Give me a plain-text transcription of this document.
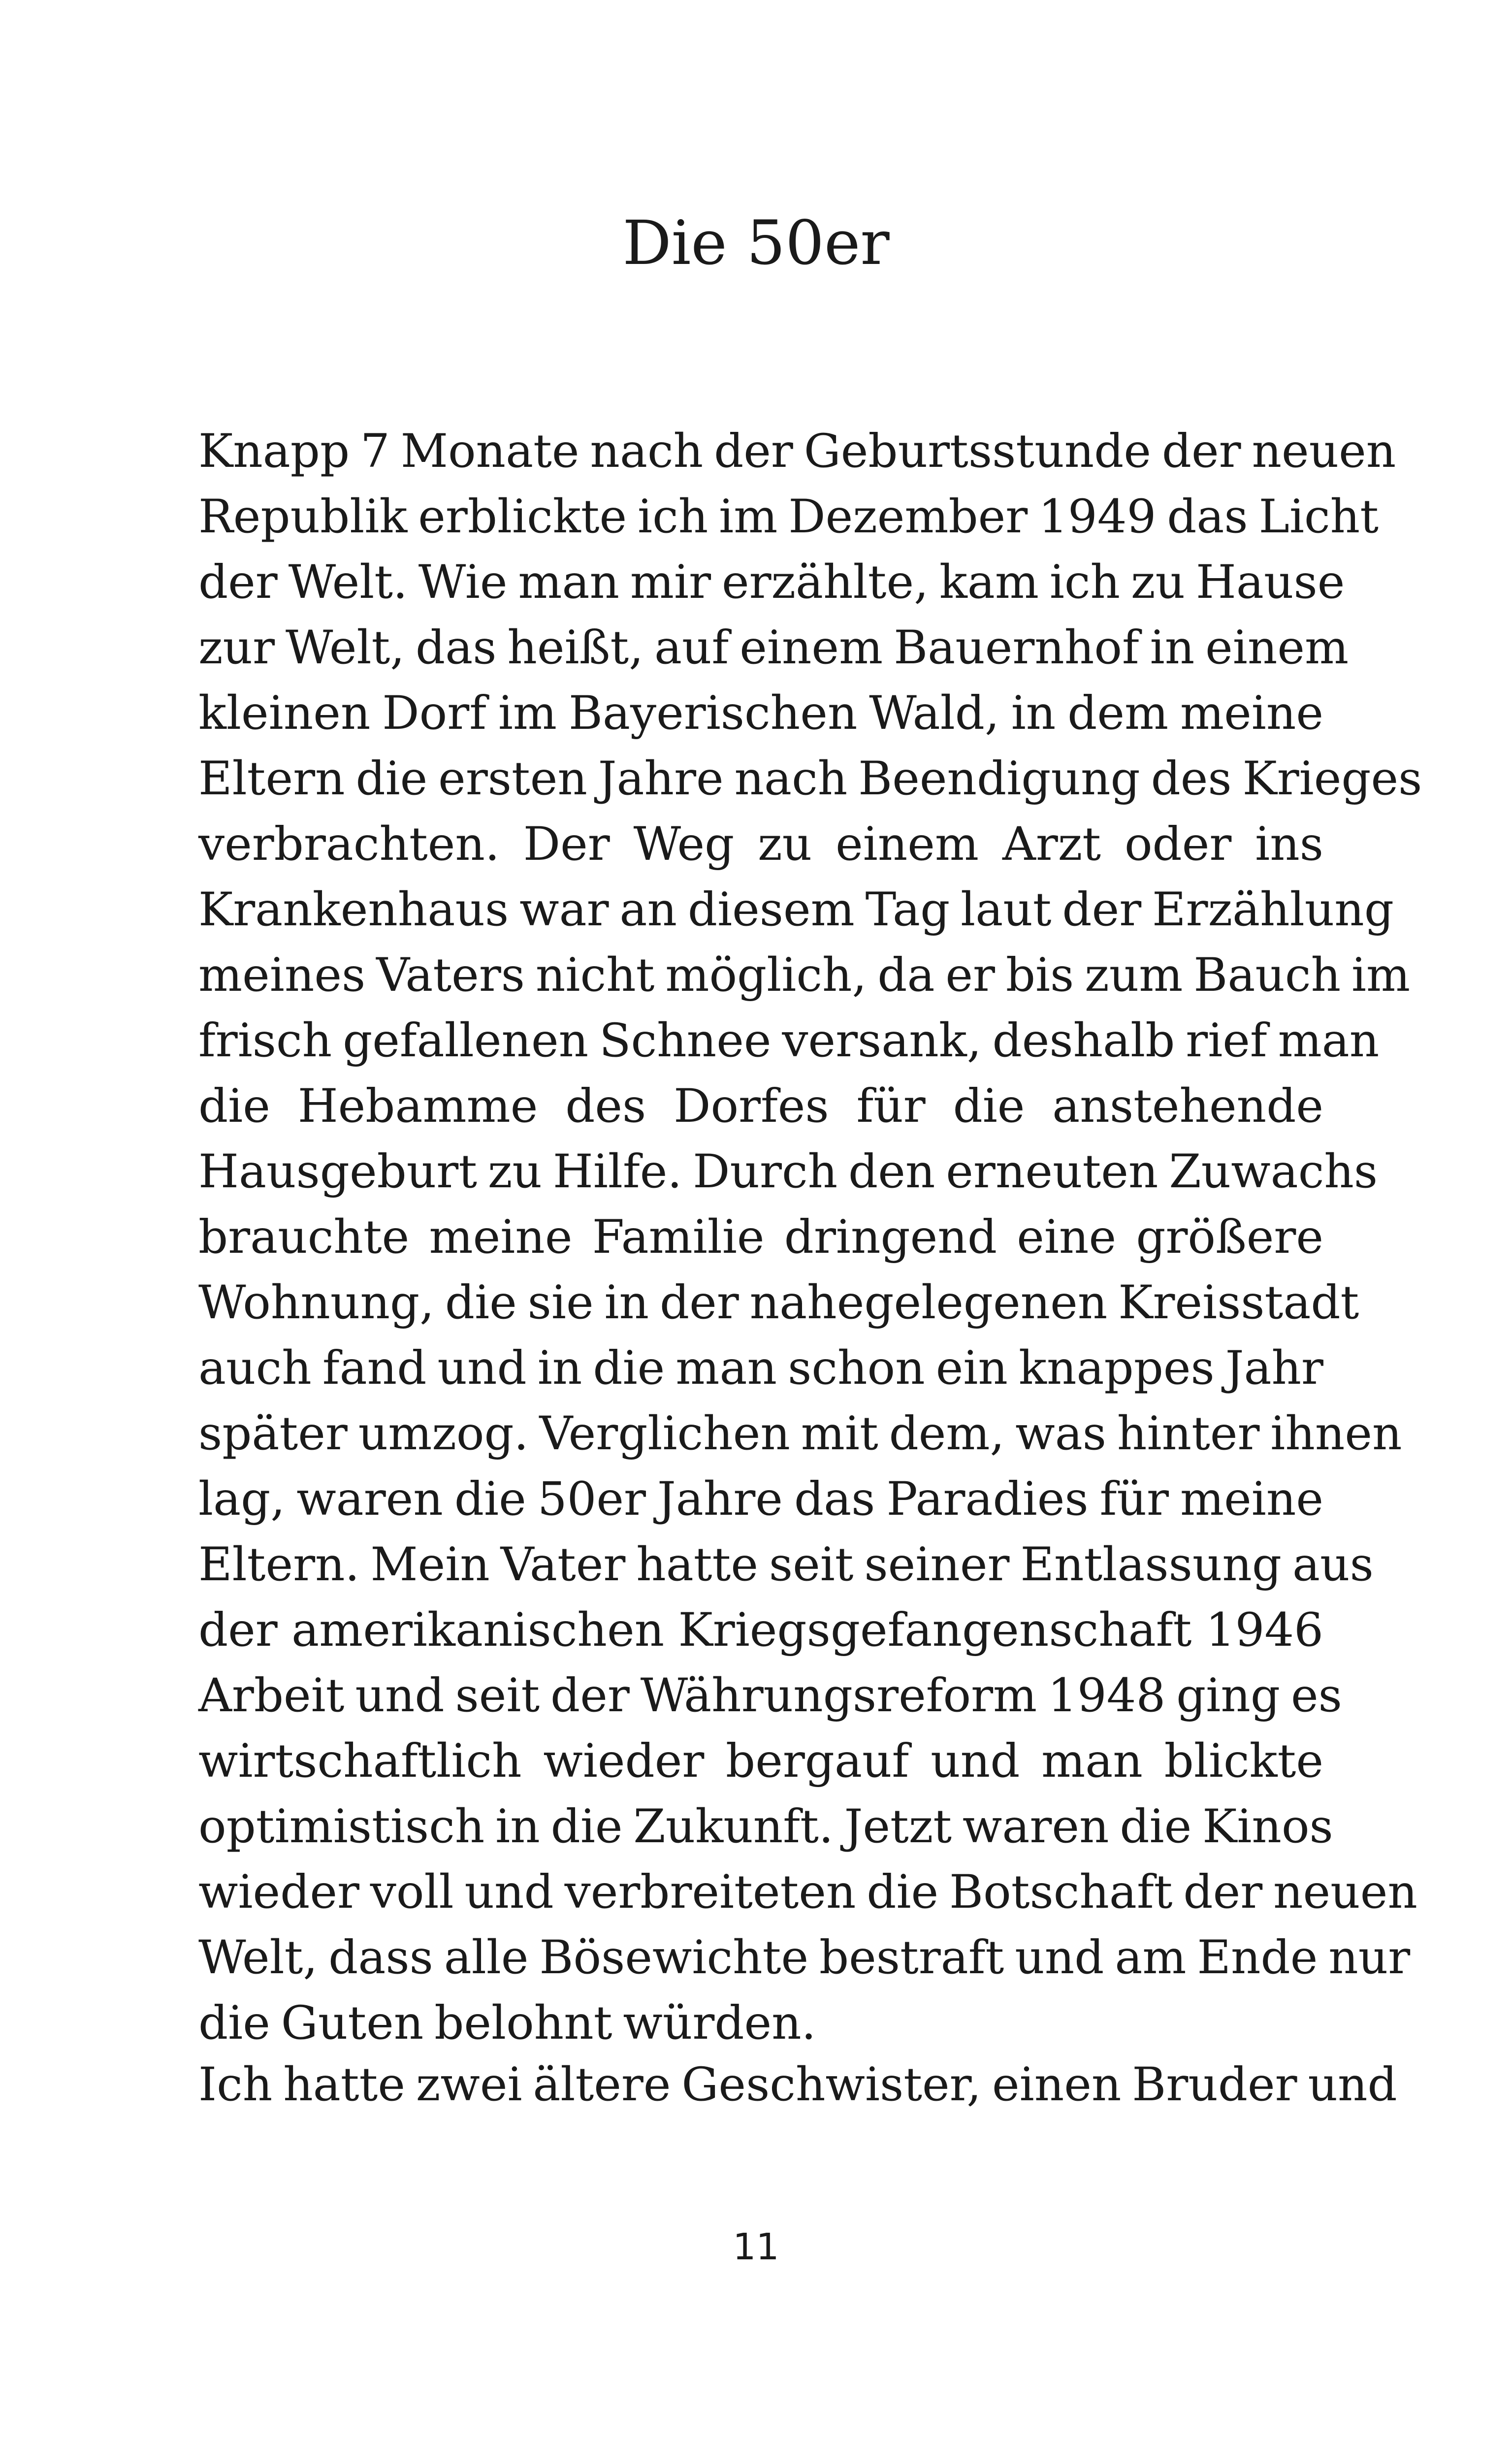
Die 50er
Knapp 7 Monate nach der Geburtsstunde der neuen
Republik erblickte ich im Dezember 1949 das Licht
der Welt. Wie man mir erzählte, kam ich zu Hause
zur Welt, das heißt, auf einem Bauernhof in einem
kleinen Dorf im Bayerischen Wald, in dem meine
Eltern die ersten Jahre nach Beendigung des Krieges
verbrachten. Der Weg zu einem Arzt oder ins
Krankenhaus war an diesem Tag laut der Erzählung
meines Vaters nicht möglich, da er bis zum Bauch im
frisch gefallenen Schnee versank, deshalb rief man
die Hebamme des Dorfes für die anstehende
Hausgeburt zu Hilfe. Durch den erneuten Zuwachs
brauchte meine Familie dringend eine größere
Wohnung, die sie in der nahegelegenen Kreisstadt
auch fand und in die man schon ein knappes Jahr
später umzog. Verglichen mit dem, was hinter ihnen
lag, waren die 50er Jahre das Paradies für meine
Eltern. Mein Vater hatte seit seiner Entlassung aus
der amerikanischen Kriegsgefangenschaft 1946
Arbeit und seit der Währungsreform 1948 ging es
wirtschaftlich wieder bergauf und man blickte
optimistisch in die Zukunft. Jetzt waren die Kinos
wieder voll und verbreiteten die Botschaft der neuen
Welt, dass alle Bösewichte bestraft und am Ende nur
die Guten belohnt würden.
Ich hatte zwei ältere Geschwister, einen Bruder und
11
